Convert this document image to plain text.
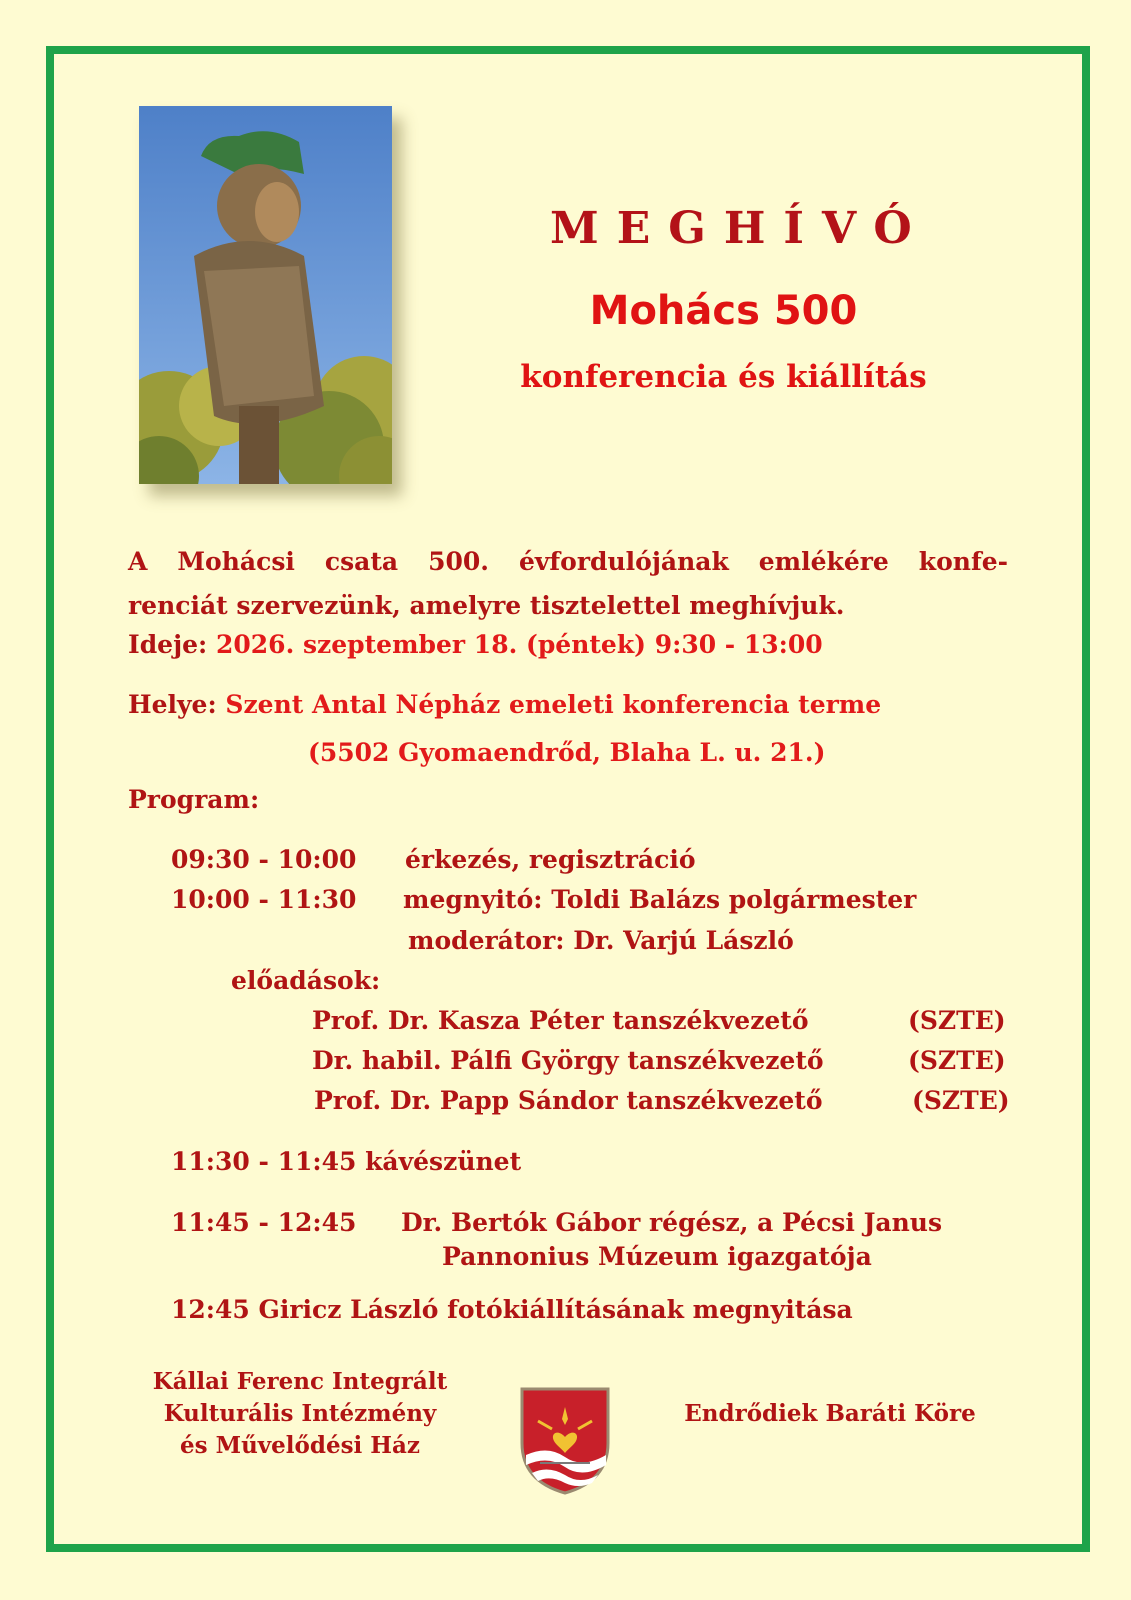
MEGHÍVÓ
Mohács 500
konferencia és kiállítás
A Mohácsi csata 500. évfordulójának emlékére konfe-
renciát szervezünk, amelyre tisztelettel meghívjuk.
Ideje: 2026. szeptember 18. (péntek) 9:30 - 13:00
Helye: Szent Antal Népház emeleti konferencia terme
(5502 Gyomaendrőd, Blaha L. u. 21.)
Program:
09:30 - 10:00 érkezés, regisztráció
10:00 - 11:30 megnyitó: Toldi Balázs polgármester
moderátor: Dr. Varjú László
előadások:
Prof. Dr. Kasza Péter tanszékvezető	(SZTE)
Dr. habil. Pálfi György tanszékvezető	(SZTE)
Prof. Dr. Papp Sándor tanszékvezető	(SZTE)
11:30 - 11:45 kávészünet
11:45 - 12:45 Dr. Bertók Gábor régész, a Pécsi Janus
Pannonius Múzeum igazgatója
12:45 Giricz László fotókiállításának megnyitása
Kállai Ferenc Integrált
Kulturális Intézmény
és Művelődési Ház
Endrődiek Baráti Köre
